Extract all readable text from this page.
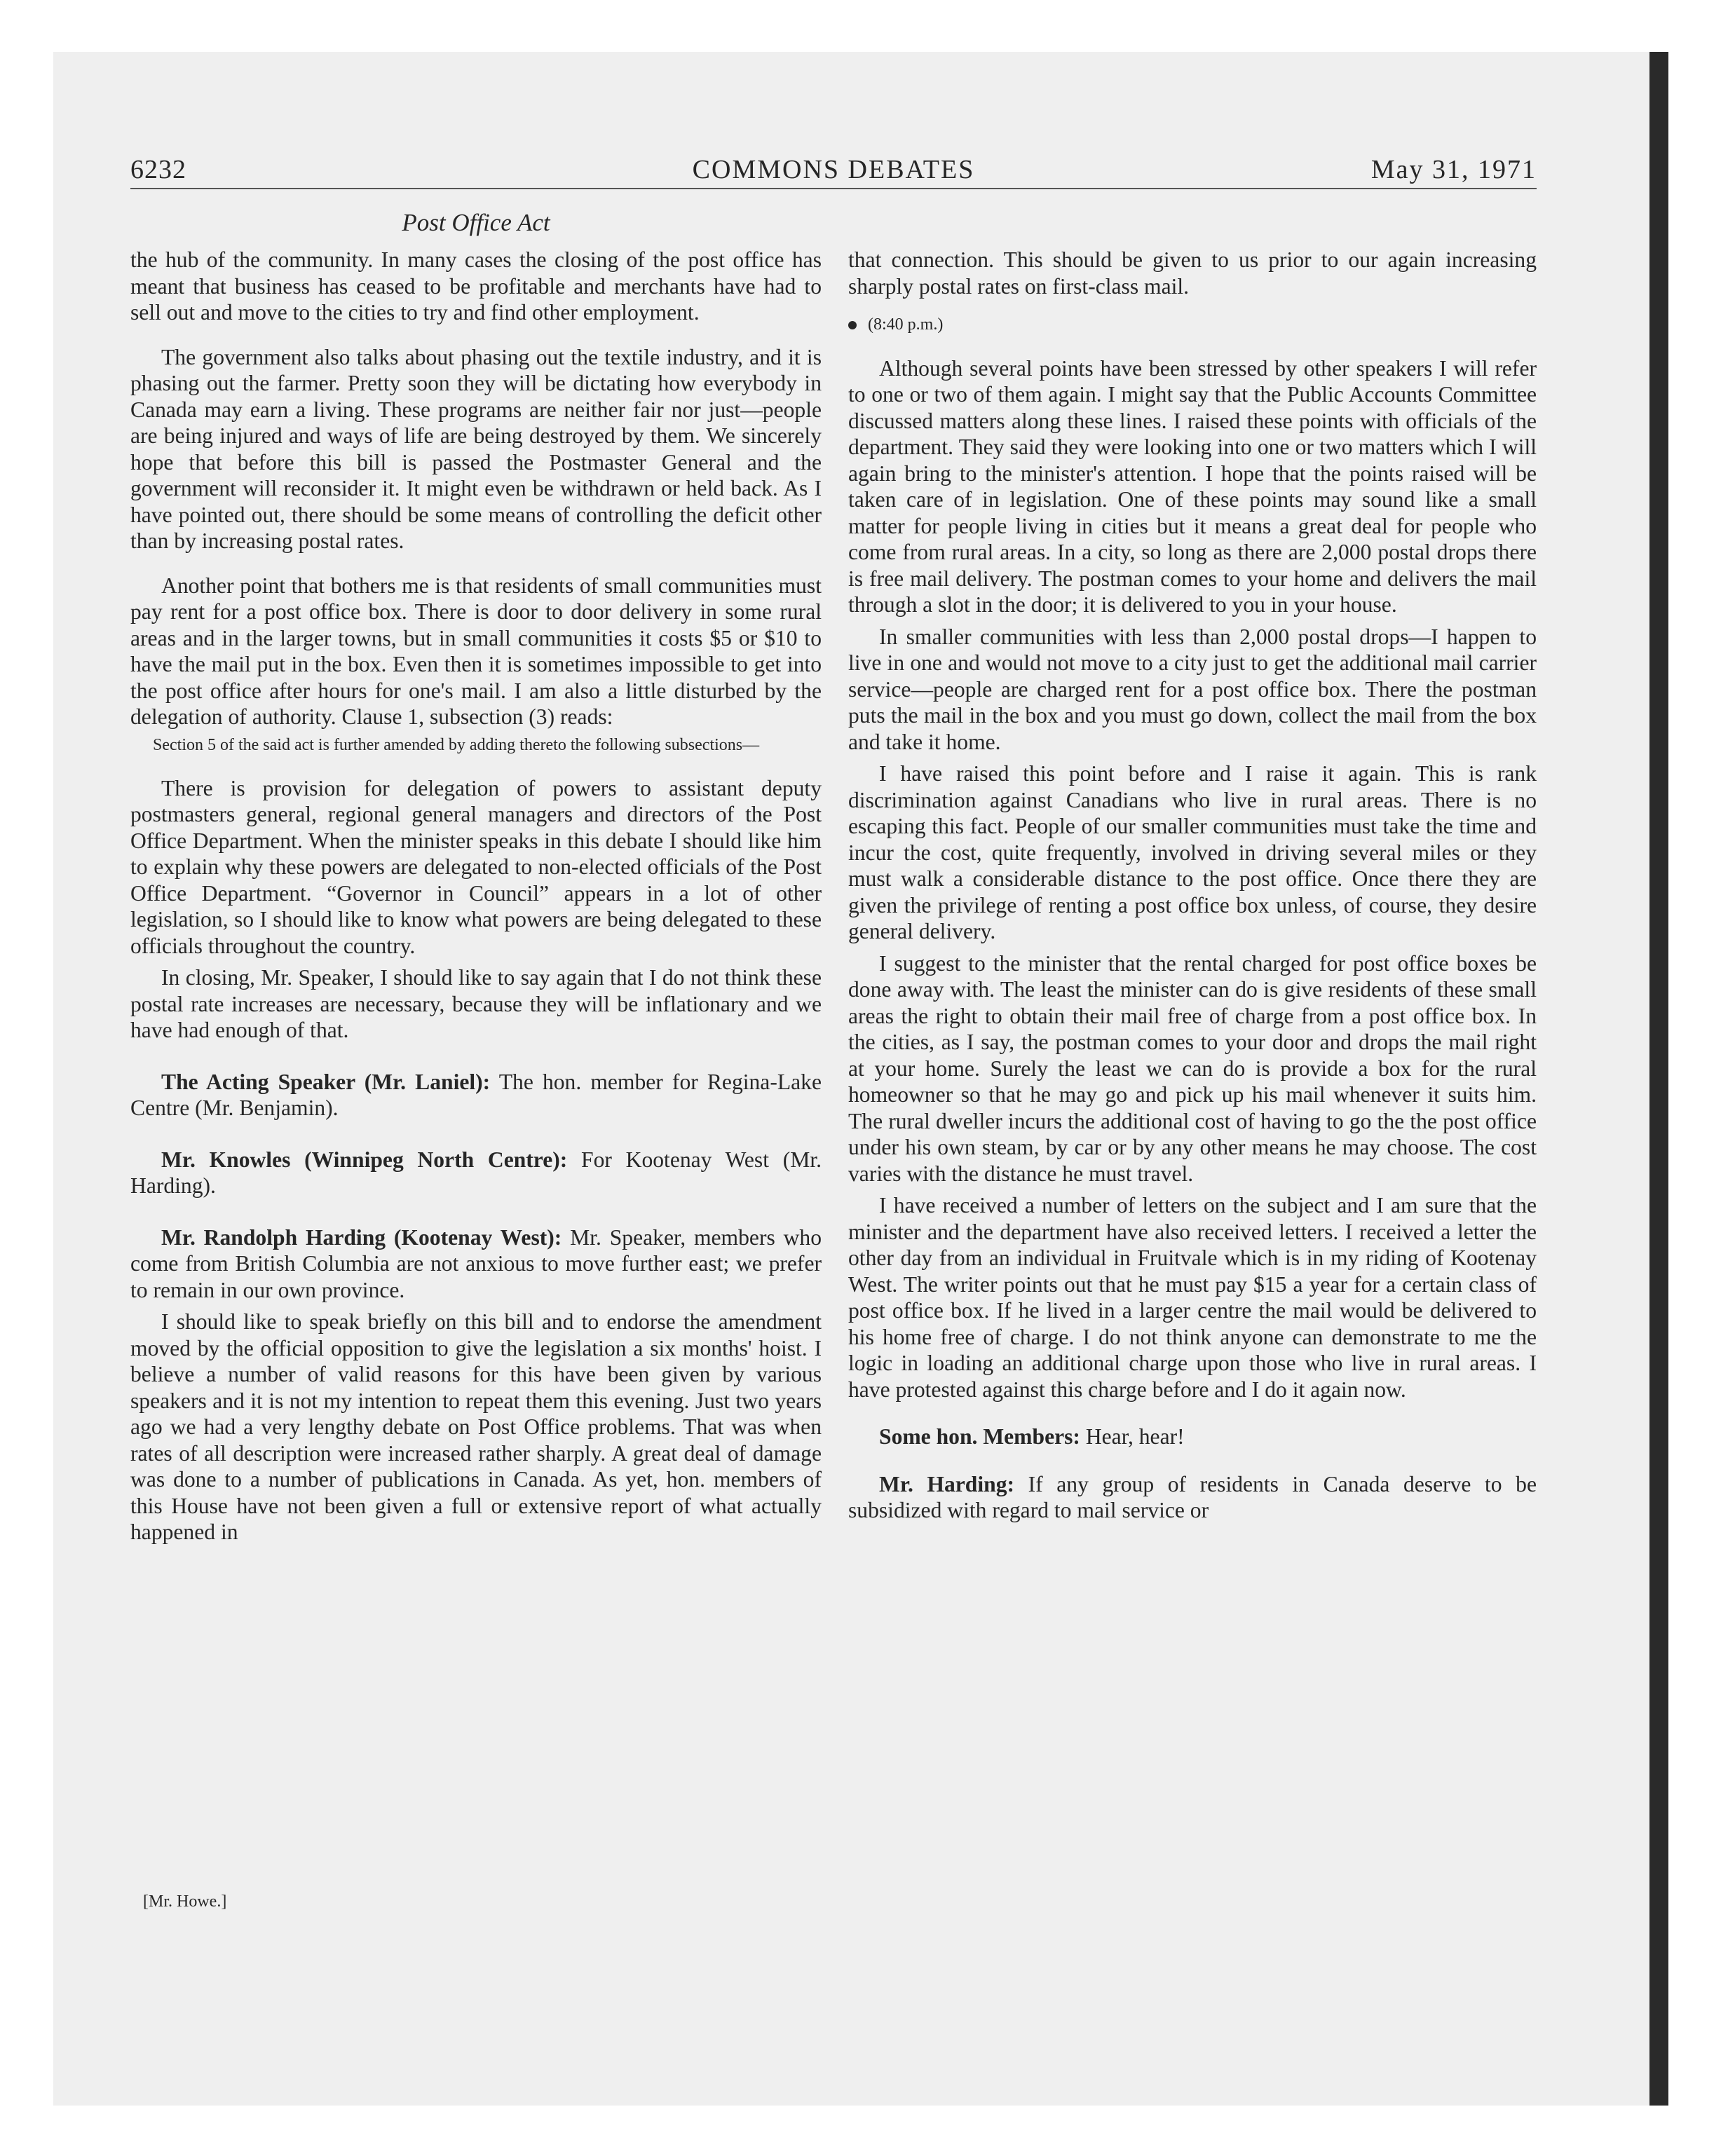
6232	COMMONS DEBATES	May 31, 1971
Post Office Act

the hub of the community. In many cases the closing of the post office has meant that business has ceased to be profitable and merchants have had to sell out and move to the cities to try and find other employment.

The government also talks about phasing out the textile industry, and it is phasing out the farmer. Pretty soon they will be dictating how everybody in Canada may earn a living. These programs are neither fair nor just—people are being injured and ways of life are being destroyed by them. We sincerely hope that before this bill is passed the Postmaster General and the government will reconsider it. It might even be withdrawn or held back. As I have pointed out, there should be some means of controlling the deficit other than by increasing postal rates.

Another point that bothers me is that residents of small communities must pay rent for a post office box. There is door to door delivery in some rural areas and in the larger towns, but in small communities it costs $5 or $10 to have the mail put in the box. Even then it is sometimes impossible to get into the post office after hours for one's mail. I am also a little disturbed by the delegation of authority. Clause 1, subsection (3) reads:

Section 5 of the said act is further amended by adding thereto the following subsections—

There is provision for delegation of powers to assistant deputy postmasters general, regional general managers and directors of the Post Office Department. When the minister speaks in this debate I should like him to explain why these powers are delegated to non-elected officials of the Post Office Department. “Governor in Council” appears in a lot of other legislation, so I should like to know what powers are being delegated to these officials throughout the country.

In closing, Mr. Speaker, I should like to say again that I do not think these postal rate increases are necessary, because they will be inflationary and we have had enough of that.

The Acting Speaker (Mr. Laniel): The hon. member for Regina-Lake Centre (Mr. Benjamin).

Mr. Knowles (Winnipeg North Centre): For Kootenay West (Mr. Harding).

Mr. Randolph Harding (Kootenay West): Mr. Speaker, members who come from British Columbia are not anxious to move further east; we prefer to remain in our own province.

I should like to speak briefly on this bill and to endorse the amendment moved by the official opposition to give the legislation a six months' hoist. I believe a number of valid reasons for this have been given by various speakers and it is not my intention to repeat them this evening. Just two years ago we had a very lengthy debate on Post Office problems. That was when rates of all description were increased rather sharply. A great deal of damage was done to a number of publications in Canada. As yet, hon. members of this House have not been given a full or extensive report of what actually happened in

that connection. This should be given to us prior to our again increasing sharply postal rates on first-class mail.

(8:40 p.m.)

Although several points have been stressed by other speakers I will refer to one or two of them again. I might say that the Public Accounts Committee discussed matters along these lines. I raised these points with officials of the department. They said they were looking into one or two matters which I will again bring to the minister's attention. I hope that the points raised will be taken care of in legislation. One of these points may sound like a small matter for people living in cities but it means a great deal for people who come from rural areas. In a city, so long as there are 2,000 postal drops there is free mail delivery. The postman comes to your home and delivers the mail through a slot in the door; it is delivered to you in your house.

In smaller communities with less than 2,000 postal drops—I happen to live in one and would not move to a city just to get the additional mail carrier service—people are charged rent for a post office box. There the postman puts the mail in the box and you must go down, collect the mail from the box and take it home.

I have raised this point before and I raise it again. This is rank discrimination against Canadians who live in rural areas. There is no escaping this fact. People of our smaller communities must take the time and incur the cost, quite frequently, involved in driving several miles or they must walk a considerable distance to the post office. Once there they are given the privilege of renting a post office box unless, of course, they desire general delivery.

I suggest to the minister that the rental charged for post office boxes be done away with. The least the minister can do is give residents of these small areas the right to obtain their mail free of charge from a post office box. In the cities, as I say, the postman comes to your door and drops the mail right at your home. Surely the least we can do is provide a box for the rural homeowner so that he may go and pick up his mail whenever it suits him. The rural dweller incurs the additional cost of having to go the the post office under his own steam, by car or by any other means he may choose. The cost varies with the distance he must travel.

I have received a number of letters on the subject and I am sure that the minister and the department have also received letters. I received a letter the other day from an individual in Fruitvale which is in my riding of Kootenay West. The writer points out that he must pay $15 a year for a certain class of post office box. If he lived in a larger centre the mail would be delivered to his home free of charge. I do not think anyone can demonstrate to me the logic in loading an additional charge upon those who live in rural areas. I have protested against this charge before and I do it again now.

Some hon. Members: Hear, hear!

Mr. Harding: If any group of residents in Canada deserve to be subsidized with regard to mail service or

[Mr. Howe.]
